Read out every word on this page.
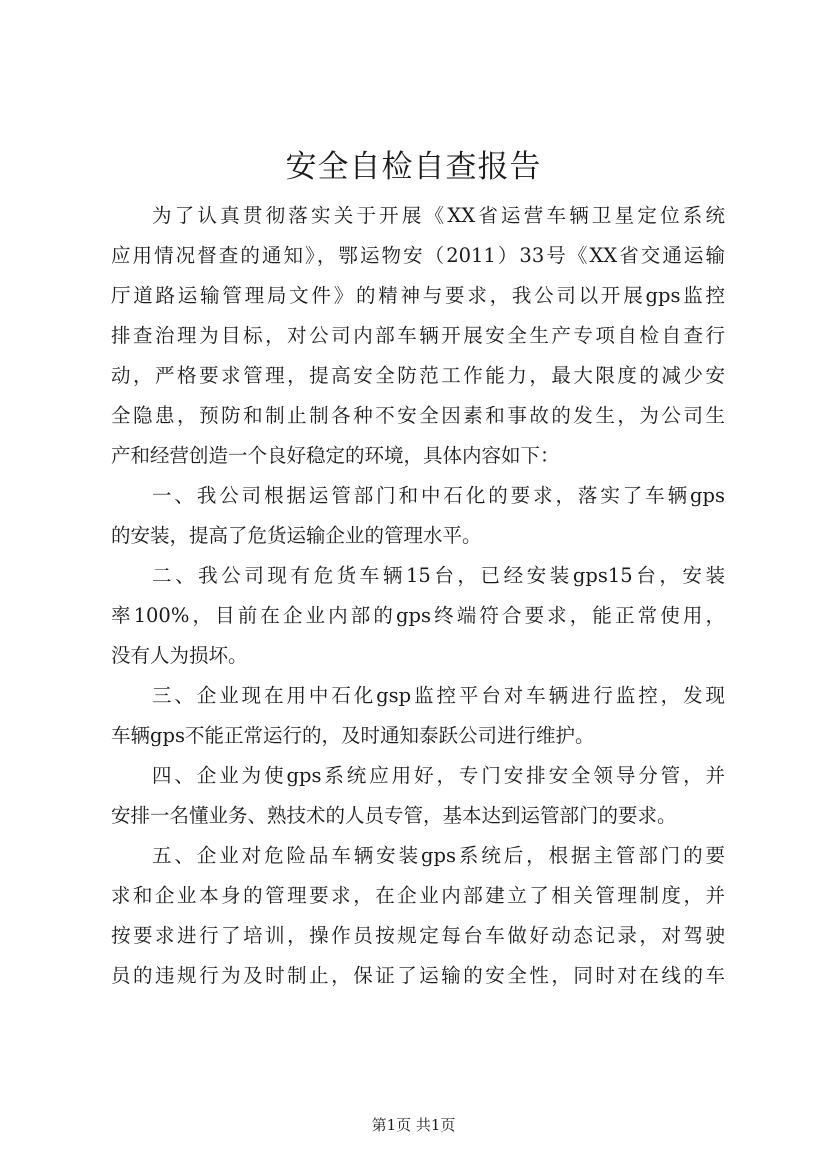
安全自检自查报告
为了认真贯彻落实关于开展《XX省运营车辆卫星定位系统
应用情况督查的通知》，鄂运物安（2011）33号《XX省交通运输
厅道路运输管理局文件》的精神与要求，我公司以开展gps监控
排查治理为目标，对公司内部车辆开展安全生产专项自检自查行
动，严格要求管理，提高安全防范工作能力，最大限度的减少安
全隐患，预防和制止制各种不安全因素和事故的发生，为公司生
产和经营创造一个良好稳定的环境，具体内容如下：
一、我公司根据运管部门和中石化的要求，落实了车辆gps
的安装，提高了危货运输企业的管理水平。
二、我公司现有危货车辆15台，已经安装gps15台，安装
率100%，目前在企业内部的gps终端符合要求，能正常使用，
没有人为损坏。
三、企业现在用中石化gsp监控平台对车辆进行监控，发现
车辆gps不能正常运行的，及时通知泰跃公司进行维护。
四、企业为使gps系统应用好，专门安排安全领导分管，并
安排一名懂业务、熟技术的人员专管，基本达到运管部门的要求。
五、企业对危险品车辆安装gps系统后，根据主管部门的要
求和企业本身的管理要求，在企业内部建立了相关管理制度，并
按要求进行了培训，操作员按规定每台车做好动态记录，对驾驶
员的违规行为及时制止，保证了运输的安全性，同时对在线的车
第1页 共1页
